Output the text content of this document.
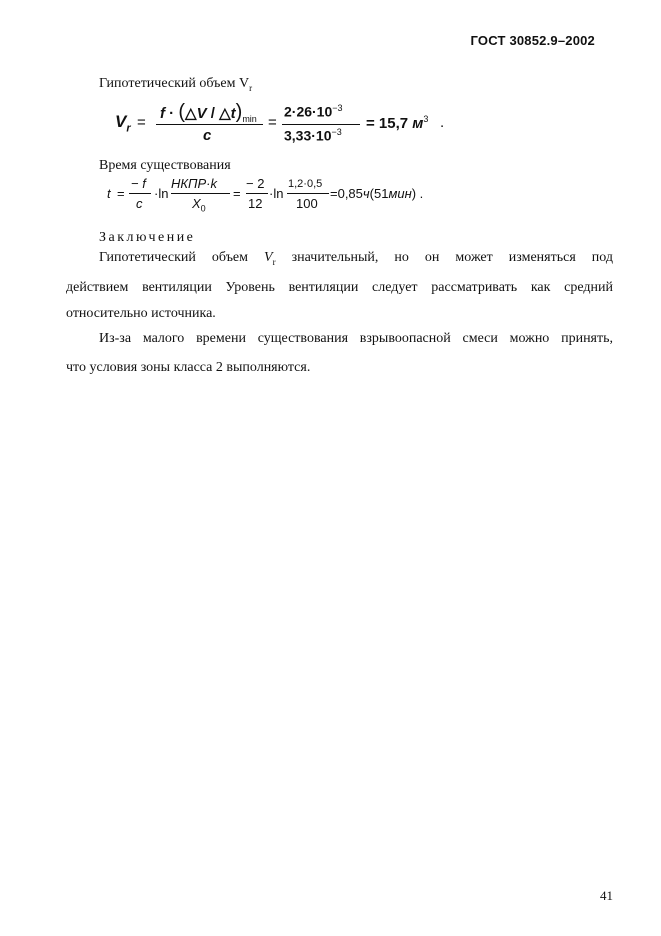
ГОСТ 30852.9–2002
Гипотетический объем $V_r$
$V_r$ =
f · (△V / $\triangle t)_{min}$
c
=
$2\cdot 26\cdot 10^{-3}$
$3,33\cdot 10^{-3} = 15,7$ $м^3$ .
Время существования
t =
− f
c
·ln
НКПР·k
$X_0$
=
− 2
12
·ln
1,2·0,5
100
=0,85ч(51мин) .
Заключение
Гипотетический объем $V_r$ значительный, но он может изменяться под
действием вентиляции Уровень вентиляции следует рассматривать как средний
относительно источника.
Из-за малого времени существования взрывоопасной смеси можно принять,
что условия зоны класса 2 выполняются.
41
